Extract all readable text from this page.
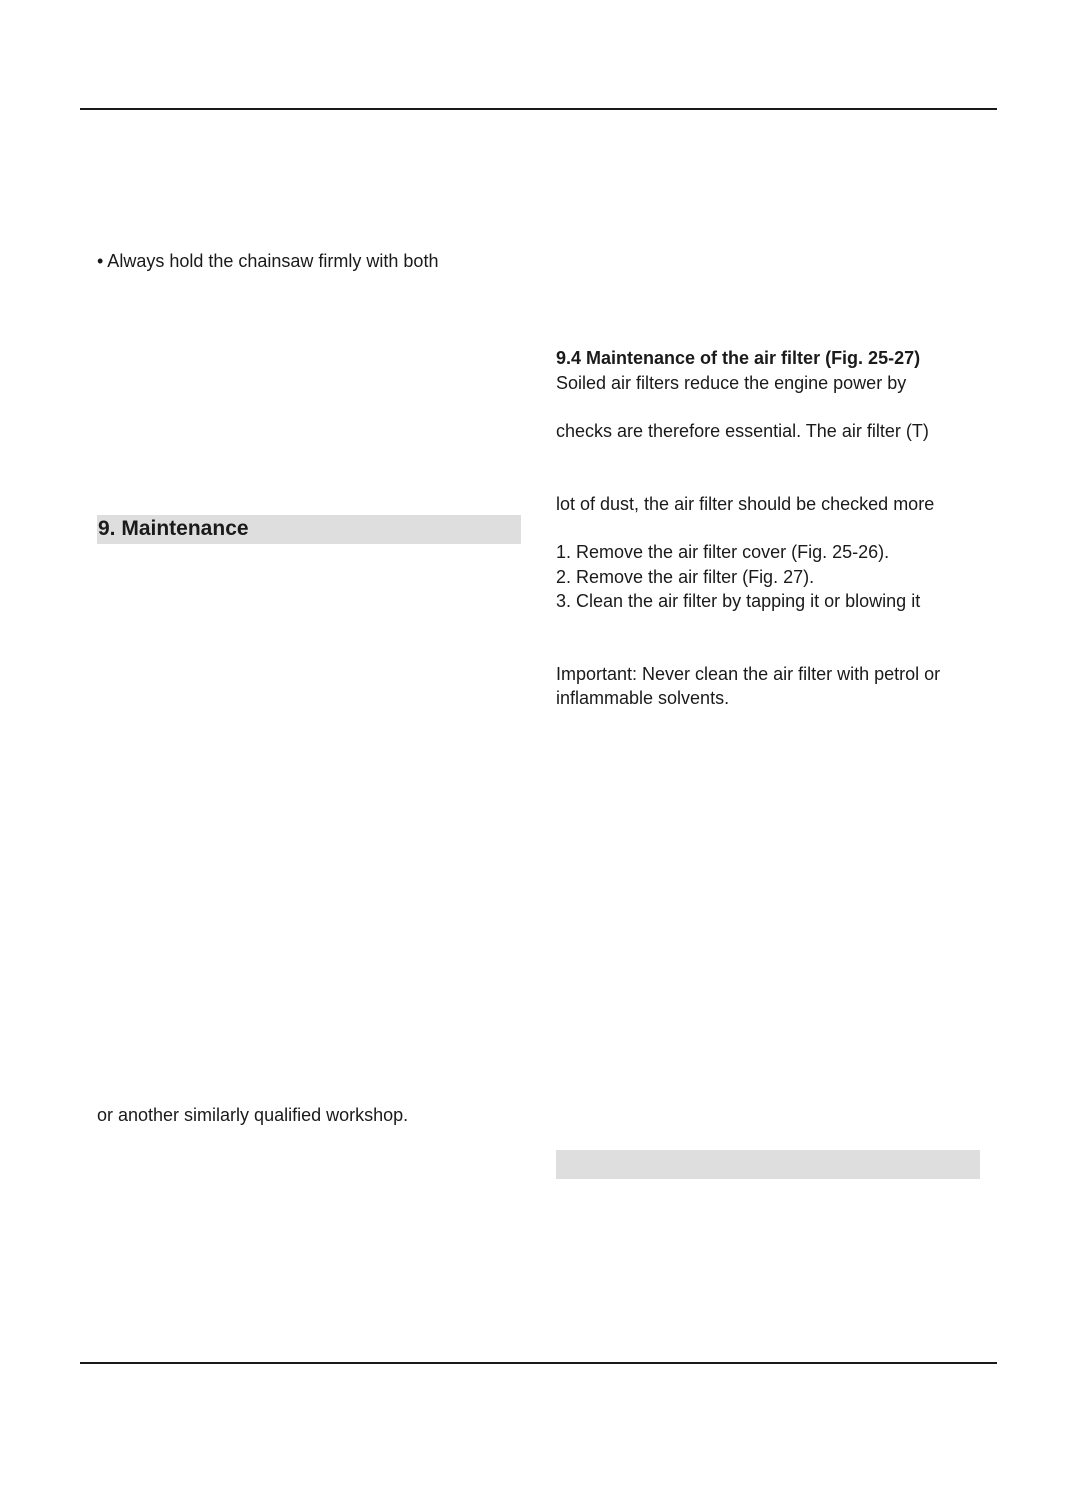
• Always hold the chainsaw firmly with both
9. Maintenance
or another similarly qualified workshop.
9.4 Maintenance of the air filter (Fig. 25-27)
Soiled air filters reduce the engine power by
checks are therefore essential. The air filter (T)
lot of dust, the air filter should be checked more
1. Remove the air filter cover (Fig. 25-26).
2. Remove the air filter (Fig. 27).
3. Clean the air filter by tapping it or blowing it
Important: Never clean the air filter with petrol or
inflammable solvents.
